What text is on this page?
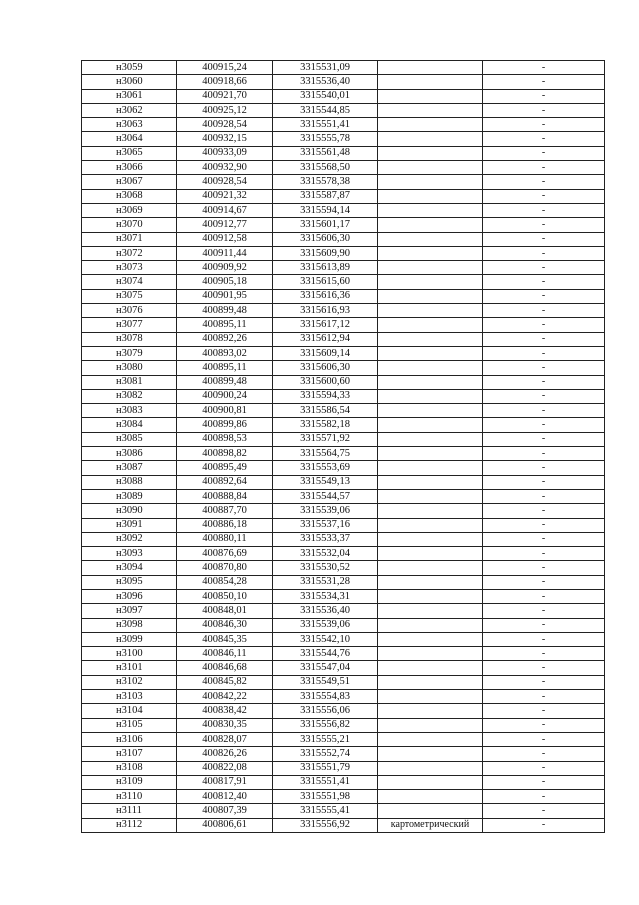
н3059	400915,24	3315531,09		-
н3060	400918,66	3315536,40		-
н3061	400921,70	3315540,01		-
н3062	400925,12	3315544,85		-
н3063	400928,54	3315551,41		-
н3064	400932,15	3315555,78		-
н3065	400933,09	3315561,48		-
н3066	400932,90	3315568,50		-
н3067	400928,54	3315578,38		-
н3068	400921,32	3315587,87		-
н3069	400914,67	3315594,14		-
н3070	400912,77	3315601,17		-
н3071	400912,58	3315606,30		-
н3072	400911,44	3315609,90		-
н3073	400909,92	3315613,89		-
н3074	400905,18	3315615,60		-
н3075	400901,95	3315616,36		-
н3076	400899,48	3315616,93		-
н3077	400895,11	3315617,12		-
н3078	400892,26	3315612,94		-
н3079	400893,02	3315609,14		-
н3080	400895,11	3315606,30		-
н3081	400899,48	3315600,60		-
н3082	400900,24	3315594,33		-
н3083	400900,81	3315586,54		-
н3084	400899,86	3315582,18		-
н3085	400898,53	3315571,92		-
н3086	400898,82	3315564,75		-
н3087	400895,49	3315553,69		-
н3088	400892,64	3315549,13		-
н3089	400888,84	3315544,57		-
н3090	400887,70	3315539,06		-
н3091	400886,18	3315537,16		-
н3092	400880,11	3315533,37		-
н3093	400876,69	3315532,04		-
н3094	400870,80	3315530,52		-
н3095	400854,28	3315531,28		-
н3096	400850,10	3315534,31		-
н3097	400848,01	3315536,40		-
н3098	400846,30	3315539,06		-
н3099	400845,35	3315542,10		-
н3100	400846,11	3315544,76		-
н3101	400846,68	3315547,04		-
н3102	400845,82	3315549,51		-
н3103	400842,22	3315554,83		-
н3104	400838,42	3315556,06		-
н3105	400830,35	3315556,82		-
н3106	400828,07	3315555,21		-
н3107	400826,26	3315552,74		-
н3108	400822,08	3315551,79		-
н3109	400817,91	3315551,41		-
н3110	400812,40	3315551,98		-
н3111	400807,39	3315555,41		-
н3112	400806,61	3315556,92	картометрический	-
